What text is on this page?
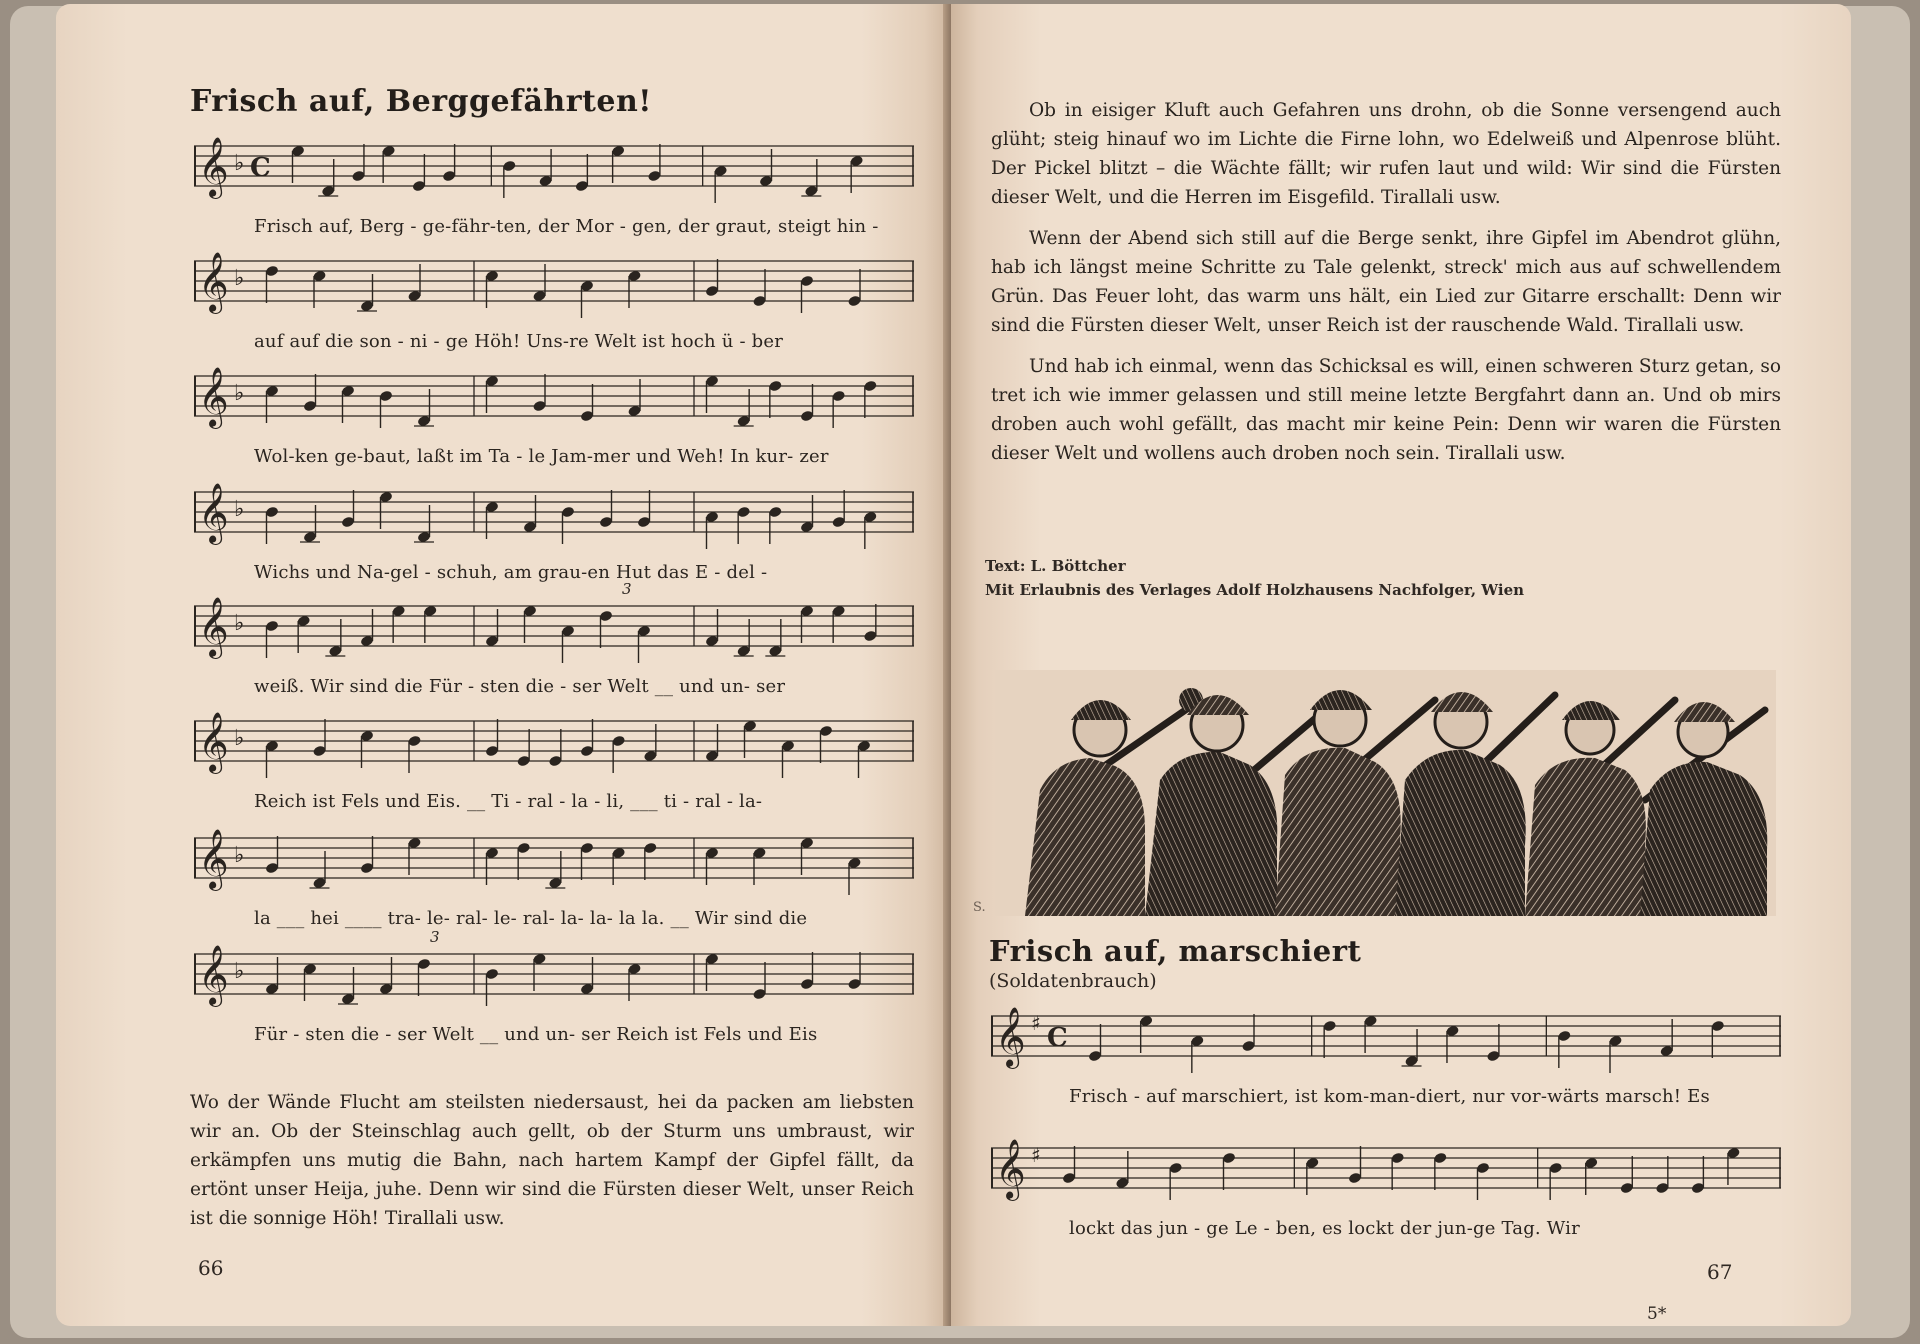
Frisch auf, Berggefährten!
𝄞 ♭ C
Frisch auf, Berg - ge-fähr-ten, der Mor - gen, der graut, steigt hin -
𝄞 ♭
auf auf die son - ni - ge Höh! Uns-re Welt ist hoch ü - ber
𝄞 ♭
Wol-ken ge-baut, laßt im Ta - le Jam-mer und Weh! In kur- zer
𝄞 ♭
Wichs und Na-gel - schuh, am grau-en Hut das E - del -
𝄞 ♭
weiß. Wir sind die Für - sten die - ser Welt __ und un- ser
3
𝄞 ♭
Reich ist Fels und Eis. __ Ti - ral - la - li, ___ ti - ral - la-
𝄞 ♭
la ___ hei ____ tra- le- ral- le- ral- la- la- la la. __ Wir sind die
𝄞 ♭
Für - sten die - ser Welt __ und un- ser Reich ist Fels und Eis
3

Wo der Wände Flucht am steilsten niedersaust, hei da packen am liebsten wir an. Ob der Steinschlag auch gellt, ob der Sturm uns umbraust, wir erkämpfen uns mutig die Bahn, nach hartem Kampf der Gipfel fällt, da ertönt unser Heija, juhe. Denn wir sind die Fürsten dieser Welt, unser Reich ist die sonnige Höh! Tirallali usw.

66

Ob in eisiger Kluft auch Gefahren uns drohn, ob die Sonne versengend auch glüht; steig hinauf wo im Lichte die Firne lohn, wo Edelweiß und Alpenrose blüht. Der Pickel blitzt – die Wächte fällt; wir rufen laut und wild: Wir sind die Fürsten dieser Welt, und die Herren im Eisgefild. Tirallali usw.

Wenn der Abend sich still auf die Berge senkt, ihre Gipfel im Abendrot glühn, hab ich längst meine Schritte zu Tale gelenkt, streck' mich aus auf schwellendem Grün. Das Feuer loht, das warm uns hält, ein Lied zur Gitarre erschallt: Denn wir sind die Fürsten dieser Welt, unser Reich ist der rauschende Wald. Tirallali usw.

Und hab ich einmal, wenn das Schicksal es will, einen schweren Sturz getan, so tret ich wie immer gelassen und still meine letzte Bergfahrt dann an. Und ob mirs droben auch wohl gefällt, das macht mir keine Pein: Denn wir waren die Fürsten dieser Welt und wollens auch droben noch sein. Tirallali usw.

Text: L. Böttcher
Mit Erlaubnis des Verlages Adolf Holzhausens Nachfolger, Wien
S.
Frisch auf, marschiert
(Soldatenbrauch)
𝄞 ♯ C
Frisch - auf marschiert, ist kom-man-diert, nur vor-wärts marsch! Es
𝄞 ♯
lockt das jun - ge Le - ben, es lockt der jun-ge Tag. Wir
67
5*
